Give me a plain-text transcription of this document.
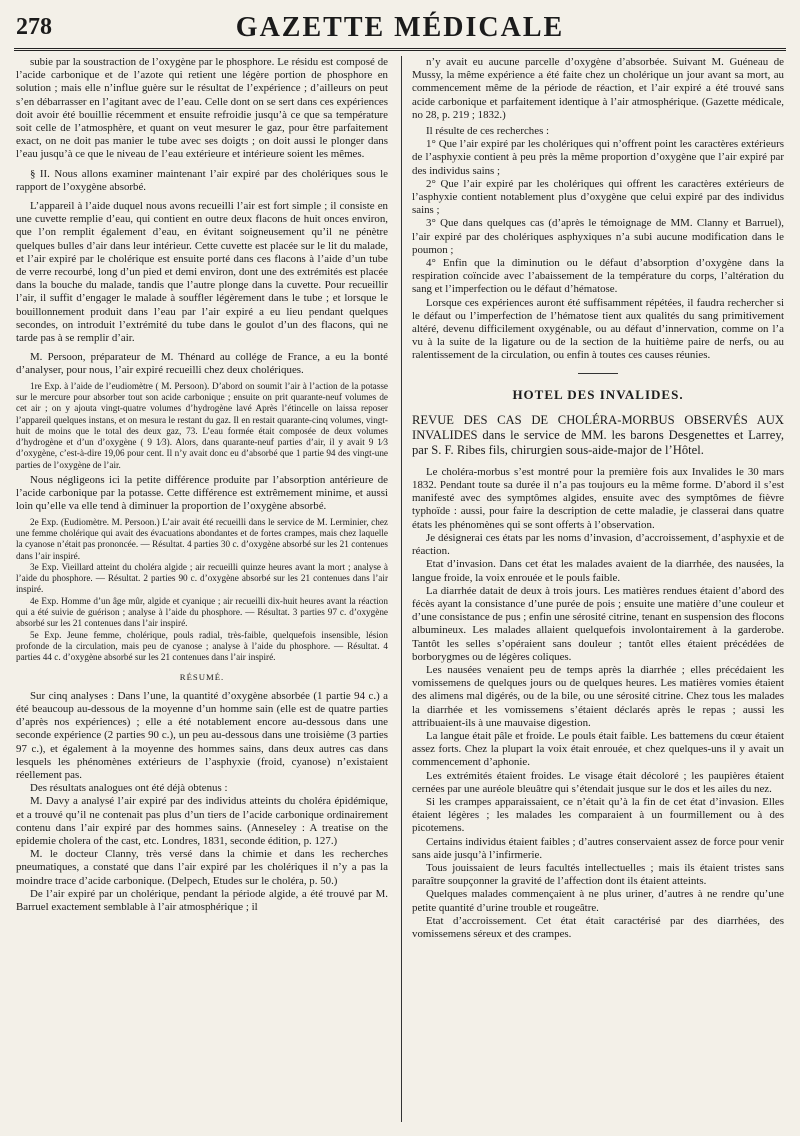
278	GAZETTE MÉDICALE

subie par la soustraction de l’oxygène par le phosphore. Le résidu est composé de l’acide carbonique et de l’azote qui retient une légère portion de phosphore en solution ; mais elle n’influe guère sur le résultat de l’expérience ; d’ailleurs on peut s’en débarrasser en l’agitant avec de l’eau. Celle dont on se sert dans ces expériences doit avoir été bouillie récemment et ensuite refroidie jusqu’à ce que sa température soit celle de l’atmosphère, et quant on veut mesurer le gaz, pour être parfaitement exact, on ne doit pas manier le tube avec ses doigts ; on doit aussi le plonger dans l’eau jusqu’à ce que le niveau de l’eau extérieure et intérieure soient les mêmes.

§ II. Nous allons examiner maintenant l’air expiré par des cholériques sous le rapport de l’oxygène absorbé.

L’appareil à l’aide duquel nous avons recueilli l’air est fort simple ; il consiste en une cuvette remplie d’eau, qui contient en outre deux flacons de huit onces environ, que l’on remplit également d’eau, en évitant soigneusement qu’il ne pénètre quelques bulles d’air dans leur intérieur. Cette cuvette est placée sur le lit du malade, et l’air expiré par le cholérique est ensuite porté dans ces flacons à l’aide d’un tube de verre recourbé, long d’un pied et demi environ, dont une des extrémités est placée dans la bouche du malade, tandis que l’autre plonge dans la cuvette. Pour recueillir l’air, il suffit d’engager le malade à souffler légèrement dans le tube ; et lorsque le bouillonnement produit dans l’eau par l’air expiré a eu lieu pendant quelques secondes, on introduit l’extrémité du tube dans le goulot d’un des flacons, qui ne tarde pas à se remplir d’air.

M. Persoon, préparateur de M. Thénard au collége de France, a eu la bonté d’analyser, pour nous, l’air expiré recueilli chez deux cholériques.

1re Exp. à l’aide de l’eudiomètre ( M. Persoon). D’abord on soumit l’air à l’action de la potasse sur le mercure pour absorber tout son acide carbonique ; ensuite on prit quarante-neuf volumes de cet air ; on y ajouta vingt-quatre volumes d’hydrogène lavé Après l’étincelle on laissa reposer l’appareil quelques instans, et on mesura le restant du gaz. Il en restait quarante-cinq volumes, vingt-huit de moins que le total des deux gaz, 73. L’eau formée était composée de deux volumes d’hydrogène et d’un d’oxygène ( 9 1⁄3). Alors, dans quarante-neuf parties d’air, il y avait 9 1⁄3 d’oxygène, c’est-à-dire 19,06 pour cent. Il n’y avait donc eu d’absorbé que 1 partie 94 des vingt-une parties de l’oxygène de l’air.

Nous négligeons ici la petite différence produite par l’absorption antérieure de l’acide carbonique par la potasse. Cette différence est extrêmement minime, et aussi loin qu’elle va elle tend à diminuer la proportion de l’oxygène absorbé.

2e Exp. (Eudiomètre. M. Persoon.) L’air avait été recueilli dans le service de M. Lerminier, chez une femme cholérique qui avait des évacuations abondantes et de fortes crampes, mais chez laquelle la cyanose n’était pas prononcée. — Résultat. 4 parties 30 c. d’oxygène absorbé sur les 21 contenues dans l’air inspiré.

3e Exp. Vieillard atteint du choléra algide ; air recueilli quinze heures avant la mort ; analyse à l’aide du phosphore. — Résultat. 2 parties 90 c. d’oxygène absorbé sur les 21 contenues dans l’air inspiré.

4e Exp. Homme d’un âge mûr, algide et cyanique ; air recueilli dix-huit heures avant la réaction qui a été suivie de guérison ; analyse à l’aide du phosphore. — Résultat. 3 parties 97 c. d’oxygène absorbé sur les 21 contenues dans l’air inspiré.

5e Exp. Jeune femme, cholérique, pouls radial, très-faible, quelquefois insensible, lésion profonde de la circulation, mais peu de cyanose ; analyse à l’aide du phosphore. — Résultat. 4 parties 44 c. d’oxygène absorbé sur les 21 contenues dans l’air inspiré.

RÉSUMÉ.

Sur cinq analyses : Dans l’une, la quantité d’oxygène absorbée (1 partie 94 c.) a été beaucoup au-dessous de la moyenne d’un homme sain (elle est de quatre parties d’après nos expériences) ; elle a été notablement encore au-dessous dans une seconde expérience (2 parties 90 c.), un peu au-dessous dans une troisième (3 parties 97 c.), et également à la moyenne des hommes sains, dans deux autres cas dans lesquels les phénomènes extérieurs de l’asphyxie (froid, cyanose) n’existaient réellement pas.

Des résultats analogues ont été déjà obtenus :

M. Davy a analysé l’air expiré par des individus atteints du choléra épidémique, et a trouvé qu’il ne contenait pas plus d’un tiers de l’acide carbonique ordinairement contenu dans l’air expiré par des hommes sains. (Anneseley : A treatise on the epidemie cholera of the cast, etc. Londres, 1831, seconde édition, p. 127.)

M. le docteur Clanny, très versé dans la chimie et dans les recherches pneumatiques, a constaté que dans l’air expiré par les cholériques il n’y a pas la moindre trace d’acide carbonique. (Delpech, Etudes sur le choléra, p. 50.)

De l’air expiré par un cholérique, pendant la période algide, a été trouvé par M. Barruel exactement semblable à l’air atmosphérique ; il

n’y avait eu aucune parcelle d’oxygène d’absorbée. Suivant M. Guéneau de Mussy, la même expérience a été faite chez un cholérique un jour avant sa mort, au commencement même de la période de réaction, et l’air expiré a été trouvé sans acide carbonique et parfaitement identique à l’air atmosphérique. (Gazette médicale, no 28, p. 219 ; 1832.)

Il résulte de ces recherches :

1° Que l’air expiré par les cholériques qui n’offrent point les caractères extérieurs de l’asphyxie contient à peu près la même proportion d’oxygène que l’air expiré par des individus sains ;

2° Que l’air expiré par les cholériques qui offrent les caractères extérieurs de l’asphyxie contient notablement plus d’oxygène que celui expiré par des individus sains ;

3° Que dans quelques cas (d’après le témoignage de MM. Clanny et Barruel), l’air expiré par des cholériques asphyxiques n’a subi aucune modification dans le poumon ;

4° Enfin que la diminution ou le défaut d’absorption d’oxygène dans la respiration coïncide avec l’abaissement de la température du corps, l’altération du sang et l’imperfection ou le défaut d’hématose.

Lorsque ces expériences auront été suffisamment répétées, il faudra rechercher si le défaut ou l’imperfection de l’hématose tient aux qualités du sang primitivement altéré, devenu difficilement oxygénable, ou au défaut d’innervation, comme on l’a vu à la suite de la ligature ou de la section de la huitième paire de nerfs, ou au ralentissement de la circulation, ou enfin à toutes ces causes réunies.

HOTEL DES INVALIDES.

REVUE DES CAS DE CHOLÉRA-MORBUS OBSERVÉS AUX INVALIDES dans le service de MM. les barons Desgenettes et Larrey, par S. F. Ribes fils, chirurgien sous-aide-major de l’Hôtel.

Le choléra-morbus s’est montré pour la première fois aux Invalides le 30 mars 1832. Pendant toute sa durée il n’a pas toujours eu la même forme. D’abord il s’est manifesté avec des symptômes algides, ensuite avec des symptômes de fièvre typhoïde : aussi, pour faire la description de cette maladie, je classerai dans quatre états les phénomènes qui se sont offerts à l’observation.

Je désignerai ces états par les noms d’invasion, d’accroissement, d’asphyxie et de réaction.

Etat d’invasion. Dans cet état les malades avaient de la diarrhée, des nausées, la langue froide, la voix enrouée et le pouls faible.

La diarrhée datait de deux à trois jours. Les matières rendues étaient d’abord des fécès ayant la consistance d’une purée de pois ; ensuite une matière d’une couleur et d’une consistance de pus ; enfin une sérosité citrine, tenant en suspension des flocons albumineux. Les malades allaient quelquefois involontairement à la garderobe. Tantôt les selles s’opéraient sans douleur ; tantôt elles étaient précédées de borborygmes ou de légères coliques.

Les nausées venaient peu de temps après la diarrhée ; elles précédaient les vomissemens de quelques jours ou de quelques heures. Les matières vomies étaient des alimens mal digérés, ou de la bile, ou une sérosité citrine. Chez tous les malades la diarrhée et les vomissemens s’étaient déclarés après le repas ; aussi les attribuaient-ils à une mauvaise digestion.

La langue était pâle et froide. Le pouls était faible. Les battemens du cœur étaient assez forts. Chez la plupart la voix était enrouée, et chez quelques-uns il y avait un commencement d’aphonie.

Les extrémités étaient froides. Le visage était décoloré ; les paupières étaient cernées par une auréole bleuâtre qui s’étendait jusque sur le dos et les ailes du nez.

Si les crampes apparaissaient, ce n’était qu’à la fin de cet état d’invasion. Elles étaient légères ; les malades les comparaient à un fourmillement ou à des picotemens.

Certains individus étaient faibles ; d’autres conservaient assez de force pour venir sans aide jusqu’à l’infirmerie.

Tous jouissaient de leurs facultés intellectuelles ; mais ils étaient tristes sans paraître soupçonner la gravité de l’affection dont ils étaient atteints.

Quelques malades commençaient à ne plus uriner, d’autres à ne rendre qu’une petite quantité d’urine trouble et rougeâtre.

Etat d’accroissement. Cet état était caractérisé par des diarrhées, des vomissemens séreux et des crampes.
